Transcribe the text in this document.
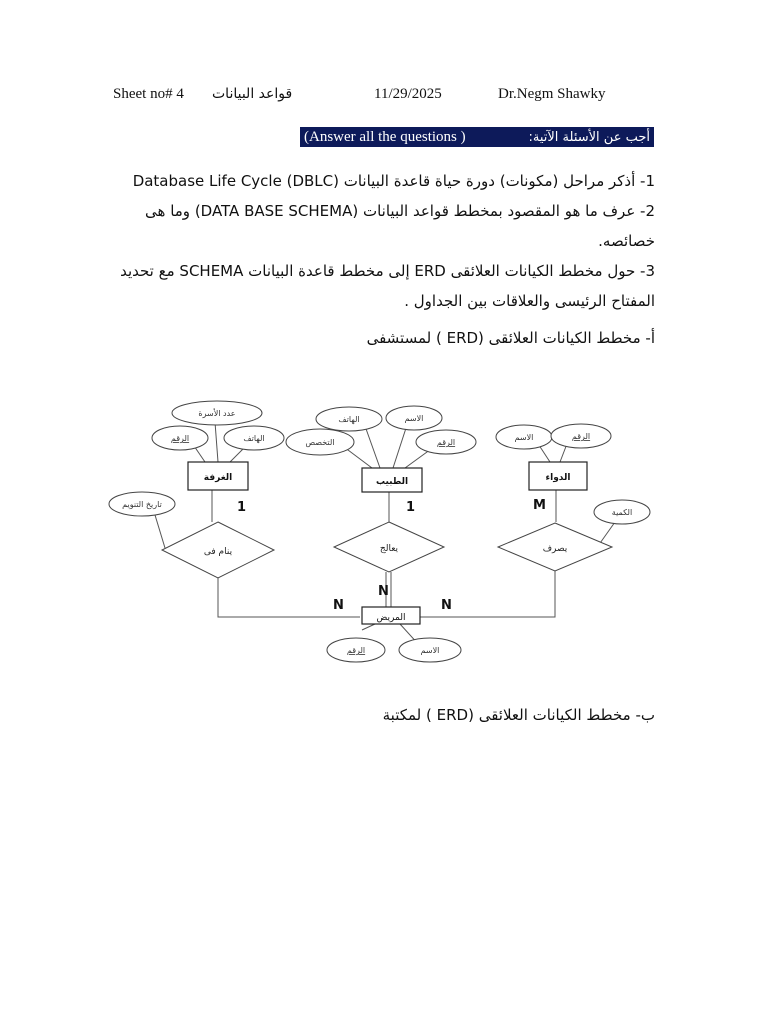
Sheet no# 4 قواعد البيانات	11/29/2025	Dr.Negm Shawky
(Answer all the questions )	أجب عن الأسئلة الآتية:
1- أذكر مراحل (مكونات) دورة حياة قاعدة البيانات Database Life Cycle (DBLC)
2- عرف ما هو المقصود بمخطط قواعد البيانات (DATA BASE SCHEMA) وما هى خصائصه.
3- حول مخطط الكيانات العلائقى ERD إلى مخطط قاعدة البيانات SCHEMA مع تحديد المفتاح الرئيسى والعلاقات بين الجداول .
أ- مخطط الكيانات العلائقى (ERD ) لمستشفى
ب- مخطط الكيانات العلائقى (ERD ) لمكتبة
الغرفة	الطبيب	الدواء
المريض
ينام فى	يعالج	يصرف
عدد الأسرة
الرقم	الهاتف
الهاتف	الاسم
التخصص	الرقم
الاسم	الرقم
تاريخ التنويم
الكمية
الرقم	الاسم
1	1	M
N
N	N
